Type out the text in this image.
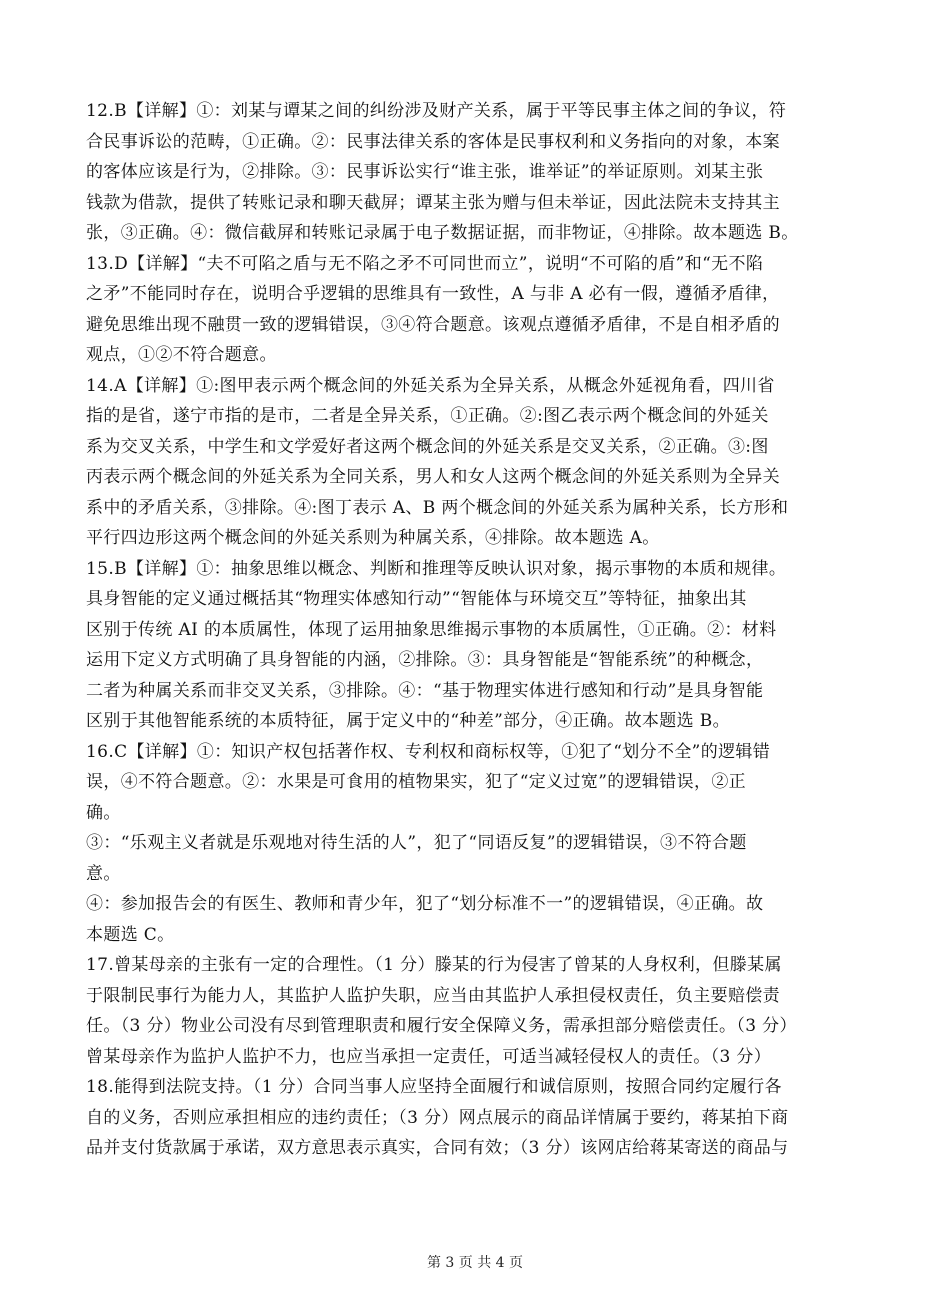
12.B【详解】①：刘某与谭某之间的纠纷涉及财产关系，属于平等民事主体之间的争议，符
合民事诉讼的范畴，①正确。②：民事法律关系的客体是民事权利和义务指向的对象，本案
的客体应该是行为，②排除。③：民事诉讼实行“谁主张，谁举证”的举证原则。刘某主张
钱款为借款，提供了转账记录和聊天截屏；谭某主张为赠与但未举证，因此法院未支持其主
张，③正确。④：微信截屏和转账记录属于电子数据证据，而非物证，④排除。故本题选 B。
13.D【详解】“夫不可陷之盾与无不陷之矛不可同世而立”，说明“不可陷的盾”和“无不陷
之矛”不能同时存在，说明合乎逻辑的思维具有一致性，A 与非 A 必有一假，遵循矛盾律，
避免思维出现不融贯一致的逻辑错误，③④符合题意。该观点遵循矛盾律，不是自相矛盾的
观点，①②不符合题意。
14.A【详解】①:图甲表示两个概念间的外延关系为全异关系，从概念外延视角看，四川省
指的是省，遂宁市指的是市，二者是全异关系，①正确。②:图乙表示两个概念间的外延关
系为交叉关系，中学生和文学爱好者这两个概念间的外延关系是交叉关系，②正确。③:图
丙表示两个概念间的外延关系为全同关系，男人和女人这两个概念间的外延关系则为全异关
系中的矛盾关系，③排除。④:图丁表示 A、B 两个概念间的外延关系为属种关系，长方形和
平行四边形这两个概念间的外延关系则为种属关系，④排除。故本题选 A。
15.B【详解】①：抽象思维以概念、判断和推理等反映认识对象，揭示事物的本质和规律。
具身智能的定义通过概括其“物理实体感知行动”“智能体与环境交互”等特征，抽象出其
区别于传统 AI 的本质属性，体现了运用抽象思维揭示事物的本质属性，①正确。②：材料
运用下定义方式明确了具身智能的内涵，②排除。③：具身智能是“智能系统”的种概念，
二者为种属关系而非交叉关系，③排除。④：“基于物理实体进行感知和行动”是具身智能
区别于其他智能系统的本质特征，属于定义中的“种差”部分，④正确。故本题选 B。
16.C【详解】①：知识产权包括著作权、专利权和商标权等，①犯了“划分不全”的逻辑错
误，④不符合题意。②：水果是可食用的植物果实，犯了“定义过宽”的逻辑错误，②正
确。
③：“乐观主义者就是乐观地对待生活的人”，犯了“同语反复”的逻辑错误，③不符合题
意。
④：参加报告会的有医生、教师和青少年，犯了“划分标准不一”的逻辑错误，④正确。故
本题选 C。
17.曾某母亲的主张有一定的合理性。（1 分）滕某的行为侵害了曾某的人身权利，但滕某属
于限制民事行为能力人，其监护人监护失职，应当由其监护人承担侵权责任，负主要赔偿责
任。（3 分）物业公司没有尽到管理职责和履行安全保障义务，需承担部分赔偿责任。（3 分）
曾某母亲作为监护人监护不力，也应当承担一定责任，可适当减轻侵权人的责任。（3 分）
18.能得到法院支持。（1 分）合同当事人应坚持全面履行和诚信原则，按照合同约定履行各
自的义务，否则应承担相应的违约责任；（3 分）网点展示的商品详情属于要约，蒋某拍下商
品并支付货款属于承诺，双方意思表示真实，合同有效；（3 分）该网店给蒋某寄送的商品与
第 3 页 共 4 页
